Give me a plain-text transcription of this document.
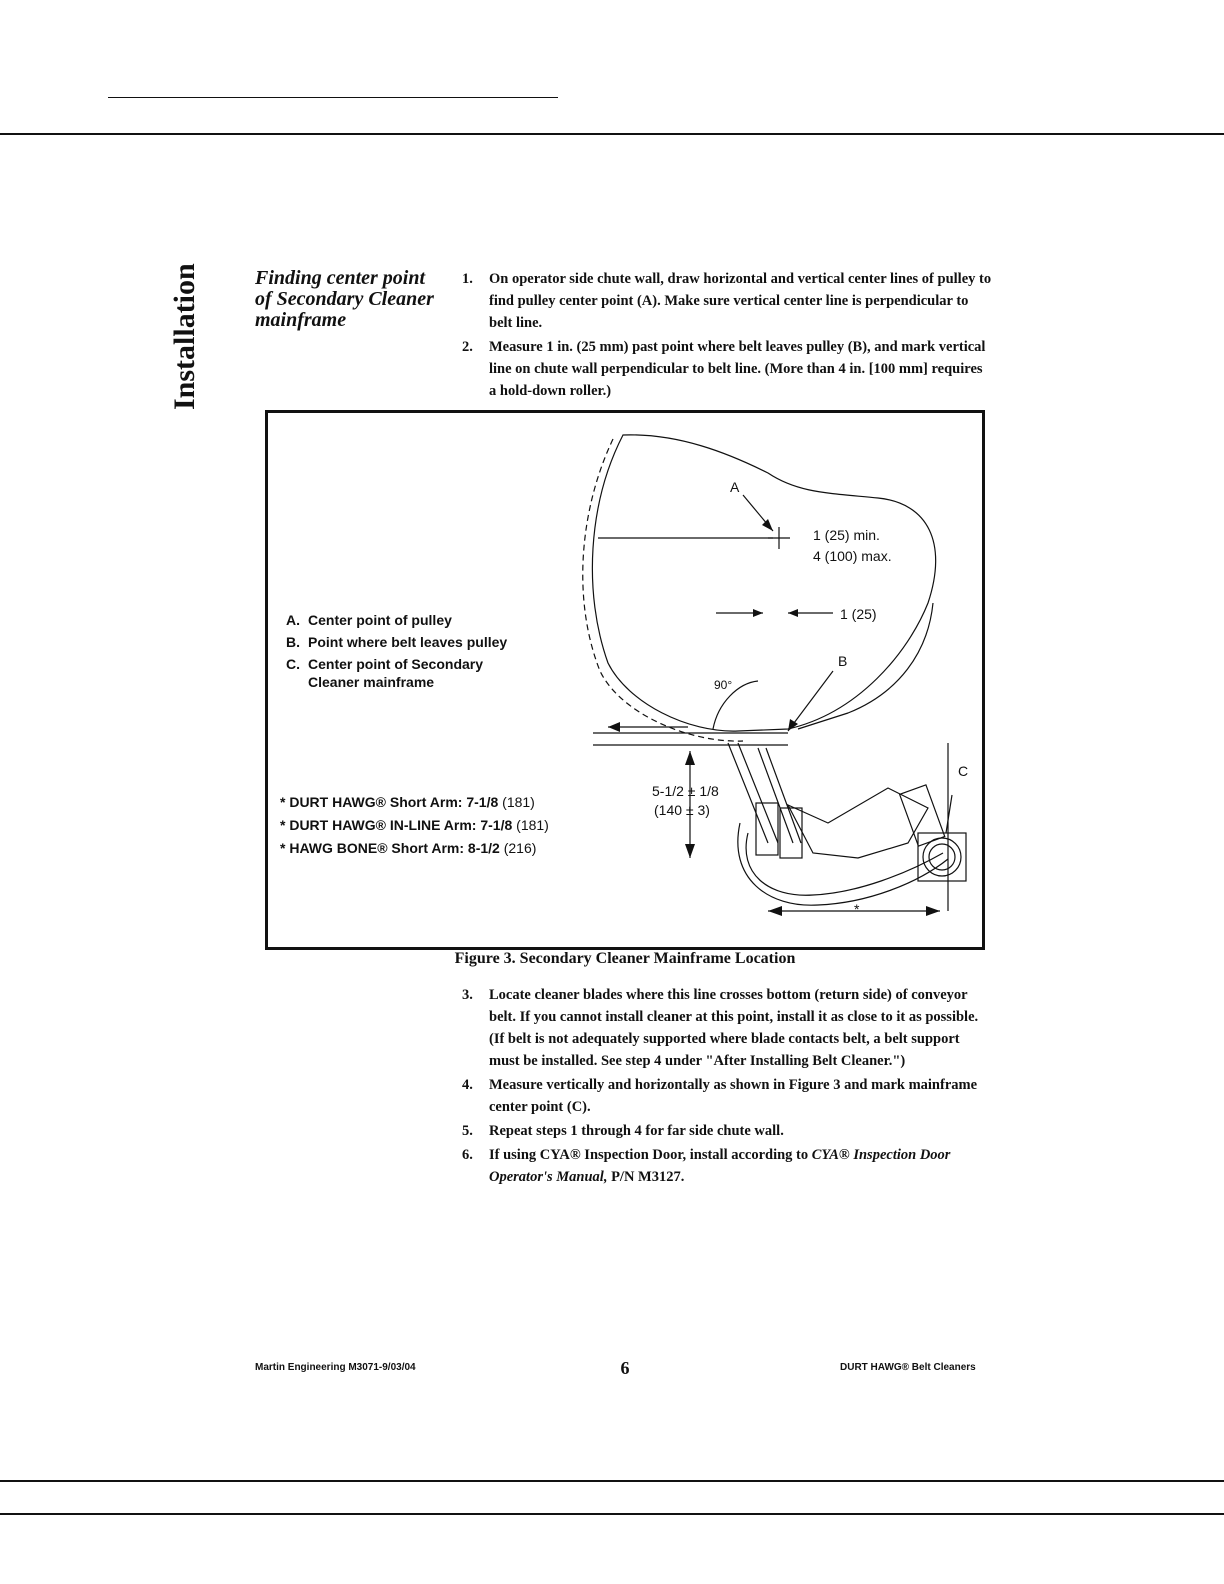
Installation	Finding center point of Secondary Cleaner mainframe
1. On operator side chute wall, draw horizontal and vertical center lines of pulley to find pulley center point (A). Make sure vertical center line is perpendicular to belt line.
2. Measure 1 in. (25 mm) past point where belt leaves pulley (B), and mark vertical line on chute wall perpendicular to belt line. (More than 4 in. [100 mm] requires a hold-down roller.)
A. Center point of pulley
B. Point where belt leaves pulley
C. Center point of Secondary Cleaner mainframe
* DURT HAWG® Short Arm: 7-1/8 (181)
* DURT HAWG® IN-LINE Arm: 7-1/8 (181)
* HAWG BONE® Short Arm: 8-1/2 (216)
A
B
C
1 (25) min.
4 (100) max.
1 (25)
90°
5-1/2 ± 1/8
(140 ± 3)
*
Figure 3. Secondary Cleaner Mainframe Location
3. Locate cleaner blades where this line crosses bottom (return side) of conveyor belt. If you cannot install cleaner at this point, install it as close to it as possible. (If belt is not adequately supported where blade contacts belt, a belt support must be installed. See step 4 under "After Installing Belt Cleaner.")
4. Measure vertically and horizontally as shown in Figure 3 and mark mainframe center point (C).
5. Repeat steps 1 through 4 for far side chute wall.
6. If using CYA® Inspection Door, install according to CYA® Inspection Door Operator's Manual, P/N M3127.
Martin Engineering M3071-9/03/04	6	DURT HAWG® Belt Cleaners
